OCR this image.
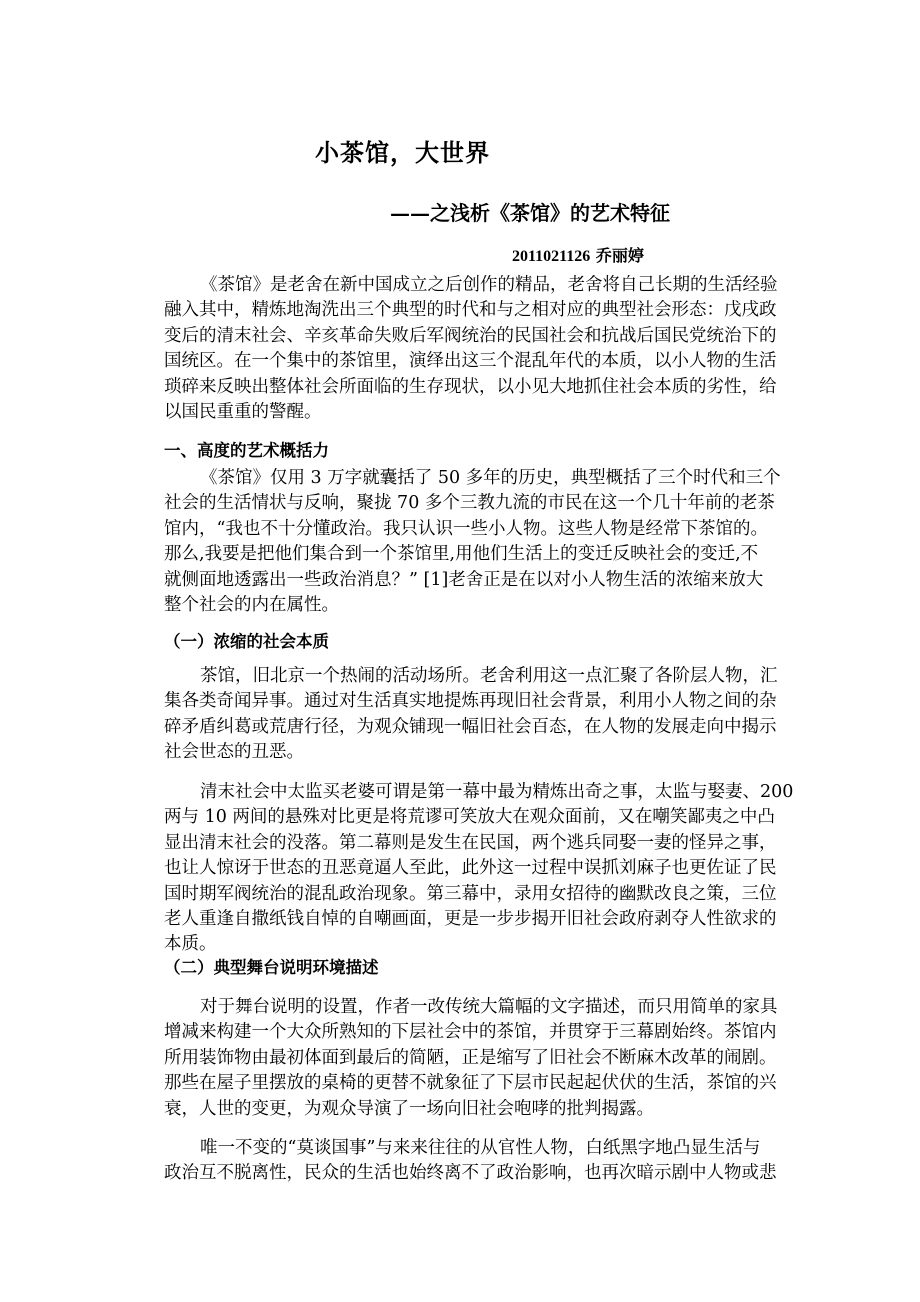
小茶馆，大世界
——之浅析《茶馆》的艺术特征
2011021126 乔丽婷
《茶馆》是老舍在新中国成立之后创作的精品，老舍将自己长期的生活经验
融入其中，精炼地淘洗出三个典型的时代和与之相对应的典型社会形态：戊戌政
变后的清末社会、辛亥革命失败后军阀统治的民国社会和抗战后国民党统治下的
国统区。在一个集中的茶馆里，演绎出这三个混乱年代的本质，以小人物的生活
琐碎来反映出整体社会所面临的生存现状，以小见大地抓住社会本质的劣性，给
以国民重重的警醒。
一、高度的艺术概括力
《茶馆》仅用 3 万字就囊括了 50 多年的历史，典型概括了三个时代和三个
社会的生活情状与反响，聚拢 70 多个三教九流的市民在这一个几十年前的老茶
馆内，“我也不十分懂政治。我只认识一些小人物。这些人物是经常下茶馆的。
那么,我要是把他们集合到一个茶馆里,用他们生活上的变迁反映社会的变迁,不
就侧面地透露出一些政治消息？” [1]老舍正是在以对小人物生活的浓缩来放大
整个社会的内在属性。
（一）浓缩的社会本质
茶馆，旧北京一个热闹的活动场所。老舍利用这一点汇聚了各阶层人物，汇
集各类奇闻异事。通过对生活真实地提炼再现旧社会背景，利用小人物之间的杂
碎矛盾纠葛或荒唐行径，为观众铺现一幅旧社会百态，在人物的发展走向中揭示
社会世态的丑恶。
清末社会中太监买老婆可谓是第一幕中最为精炼出奇之事，太监与娶妻、200
两与 10 两间的悬殊对比更是将荒谬可笑放大在观众面前，又在嘲笑鄙夷之中凸
显出清末社会的没落。第二幕则是发生在民国，两个逃兵同娶一妻的怪异之事，
也让人惊讶于世态的丑恶竟逼人至此，此外这一过程中误抓刘麻子也更佐证了民
国时期军阀统治的混乱政治现象。第三幕中，录用女招待的幽默改良之策，三位
老人重逢自撒纸钱自悼的自嘲画面，更是一步步揭开旧社会政府剥夺人性欲求的
本质。
（二）典型舞台说明环境描述
对于舞台说明的设置，作者一改传统大篇幅的文字描述，而只用简单的家具
增减来构建一个大众所熟知的下层社会中的茶馆，并贯穿于三幕剧始终。茶馆内
所用装饰物由最初体面到最后的简陋，正是缩写了旧社会不断麻木改革的闹剧。
那些在屋子里摆放的桌椅的更替不就象征了下层市民起起伏伏的生活，茶馆的兴
衰，人世的变更，为观众导演了一场向旧社会咆哮的批判揭露。
唯一不变的“莫谈国事”与来来往往的从官性人物，白纸黑字地凸显生活与
政治互不脱离性，民众的生活也始终离不了政治影响，也再次暗示剧中人物或悲
